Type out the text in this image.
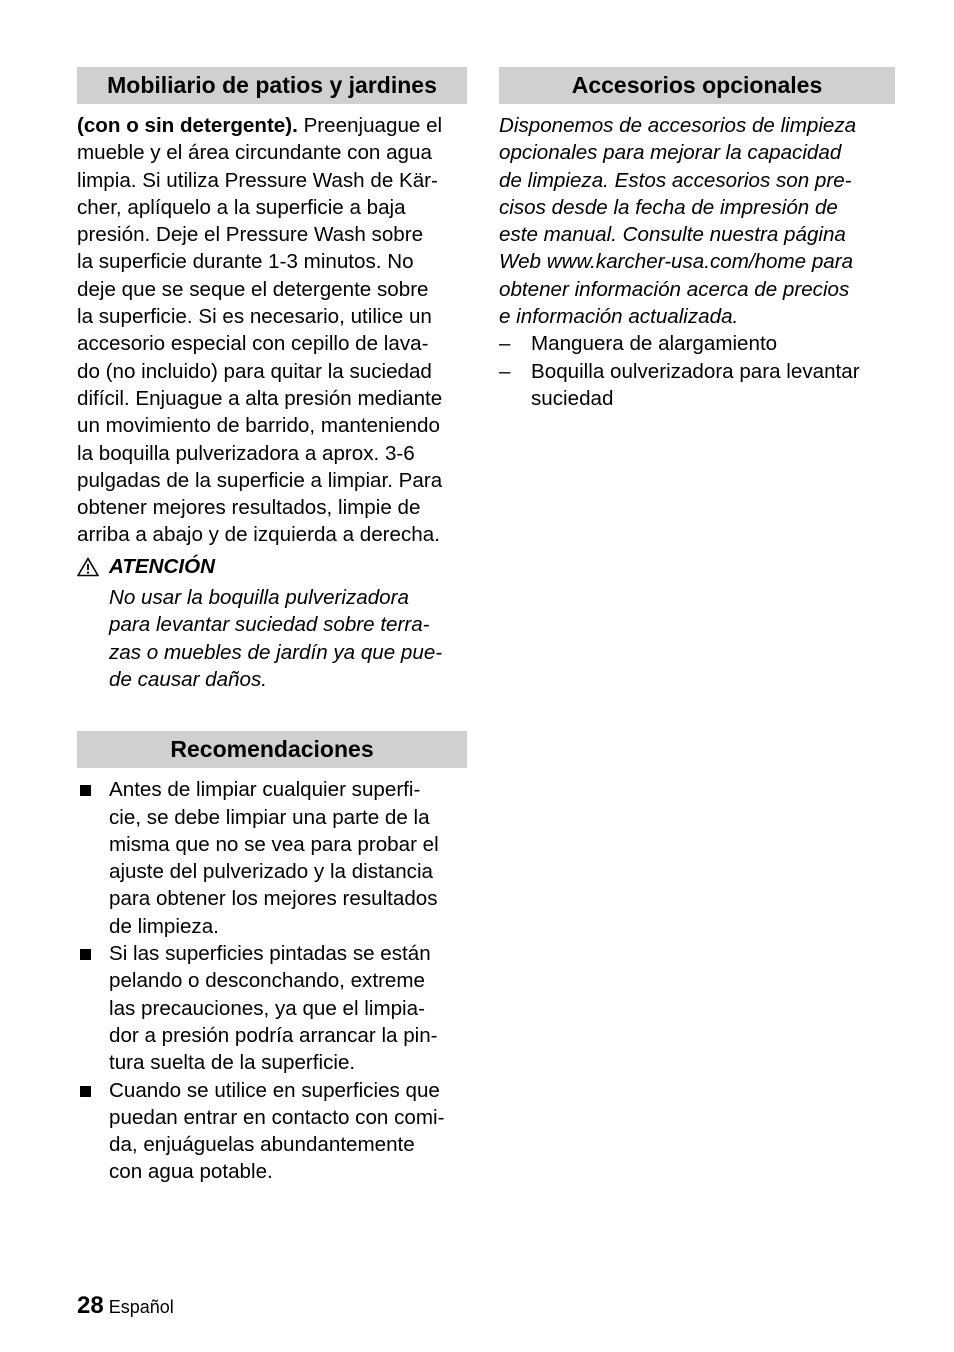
Mobiliario de patios y jardines
(con o sin detergente). Preenjuague el
mueble y el área circundante con agua
limpia. Si utiliza Pressure Wash de Kär-
cher, aplíquelo a la superficie a baja
presión. Deje el Pressure Wash sobre
la superficie durante 1-3 minutos. No
deje que se seque el detergente sobre
la superficie. Si es necesario, utilice un
accesorio especial con cepillo de lava-
do (no incluido) para quitar la suciedad
difícil. Enjuague a alta presión mediante
un movimiento de barrido, manteniendo
la boquilla pulverizadora a aprox. 3-6
pulgadas de la superficie a limpiar. Para
obtener mejores resultados, limpie de
arriba a abajo y de izquierda a derecha.
ATENCIÓN
No usar la boquilla pulverizadora
para levantar suciedad sobre terra-
zas o muebles de jardín ya que pue-
de causar daños.
Recomendaciones
Antes de limpiar cualquier superfi-
cie, se debe limpiar una parte de la
misma que no se vea para probar el
ajuste del pulverizado y la distancia
para obtener los mejores resultados
de limpieza.
Si las superficies pintadas se están
pelando o desconchando, extreme
las precauciones, ya que el limpia-
dor a presión podría arrancar la pin-
tura suelta de la superficie.
Cuando se utilice en superficies que
puedan entrar en contacto con comi-
da, enjuáguelas abundantemente
con agua potable.
Accesorios opcionales
Disponemos de accesorios de limpieza
opcionales para mejorar la capacidad
de limpieza. Estos accesorios son pre-
cisos desde la fecha de impresión de
este manual. Consulte nuestra página
Web www.karcher-usa.com/home para
obtener información acerca de precios
e información actualizada.
– Manguera de alargamiento
– Boquilla oulverizadora para levantar
suciedad
28 Español
